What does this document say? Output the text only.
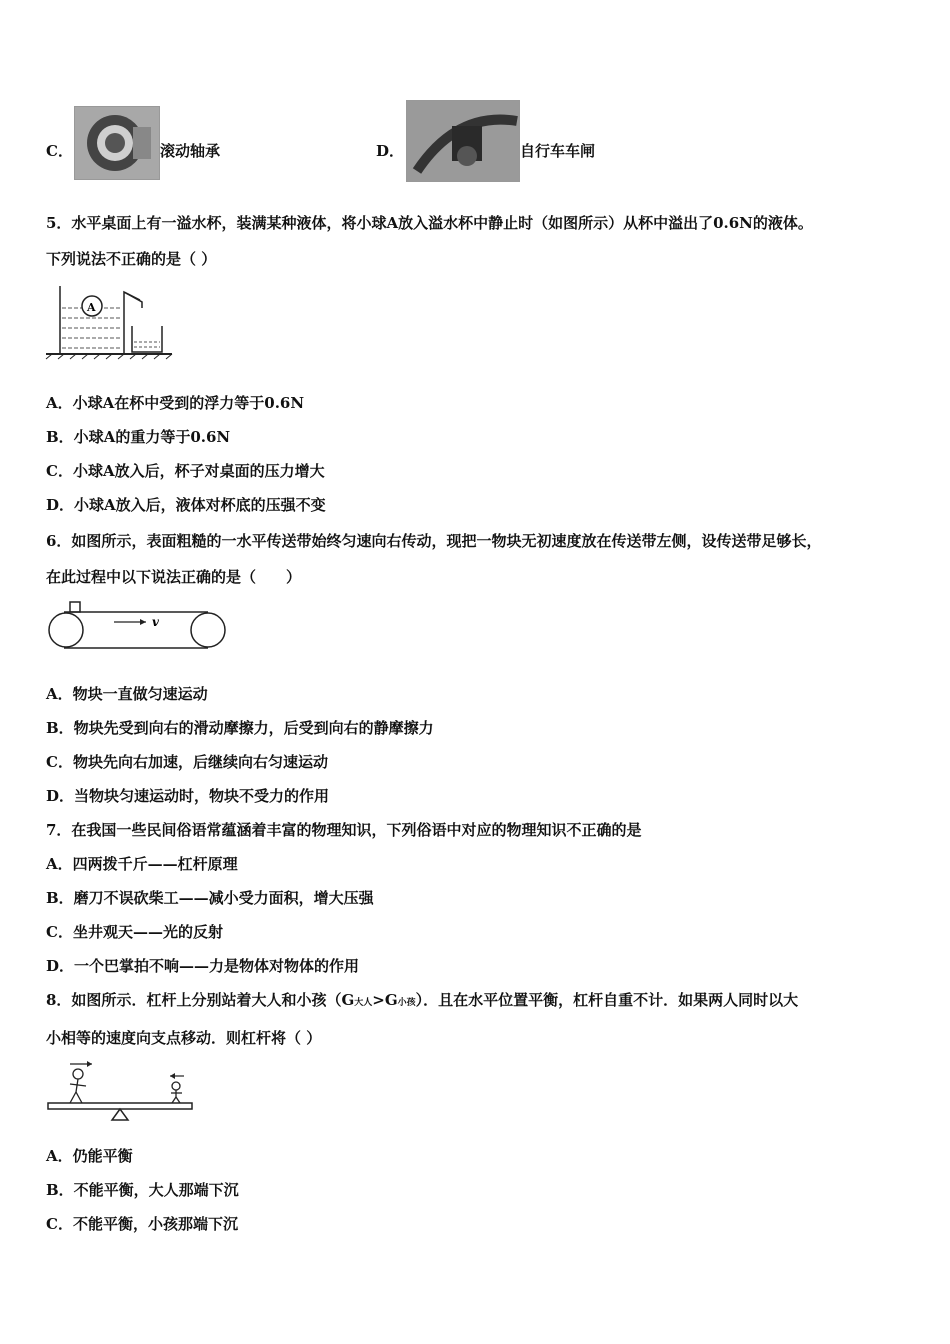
C．	滚动轴承	D．	自行车车闸
5．水平桌面上有一溢水杯，装满某种液体，将小球A放入溢水杯中静止时（如图所示）从杯中溢出了0.6N的液体。
下列说法不正确的是（ ）
A
A．小球A在杯中受到的浮力等于0.6N
B．小球A的重力等于0.6N
C．小球A放入后，杯子对桌面的压力增大
D．小球A放入后，液体对杯底的压强不变
6．如图所示，表面粗糙的一水平传送带始终匀速向右传动，现把一物块无初速度放在传送带左侧，设传送带足够长，
在此过程中以下说法正确的是（　　）
v
A．物块一直做匀速运动
B．物块先受到向右的滑动摩擦力，后受到向右的静摩擦力
C．物块先向右加速，后继续向右匀速运动
D．当物块匀速运动时，物块不受力的作用
7．在我国一些民间俗语常蕴涵着丰富的物理知识，下列俗语中对应的物理知识不正确的是
A．四两拨千斤——杠杆原理
B．磨刀不误砍柴工——减小受力面积，增大压强
C．坐井观天——光的反射
D．一个巴掌拍不响——力是物体对物体的作用
8．如图所示．杠杆上分别站着大人和小孩（G大人>G小孩）．且在水平位置平衡，杠杆自重不计．如果两人同时以大
小相等的速度向支点移动．则杠杆将（ ）
A．仍能平衡
B．不能平衡，大人那端下沉
C．不能平衡，小孩那端下沉
